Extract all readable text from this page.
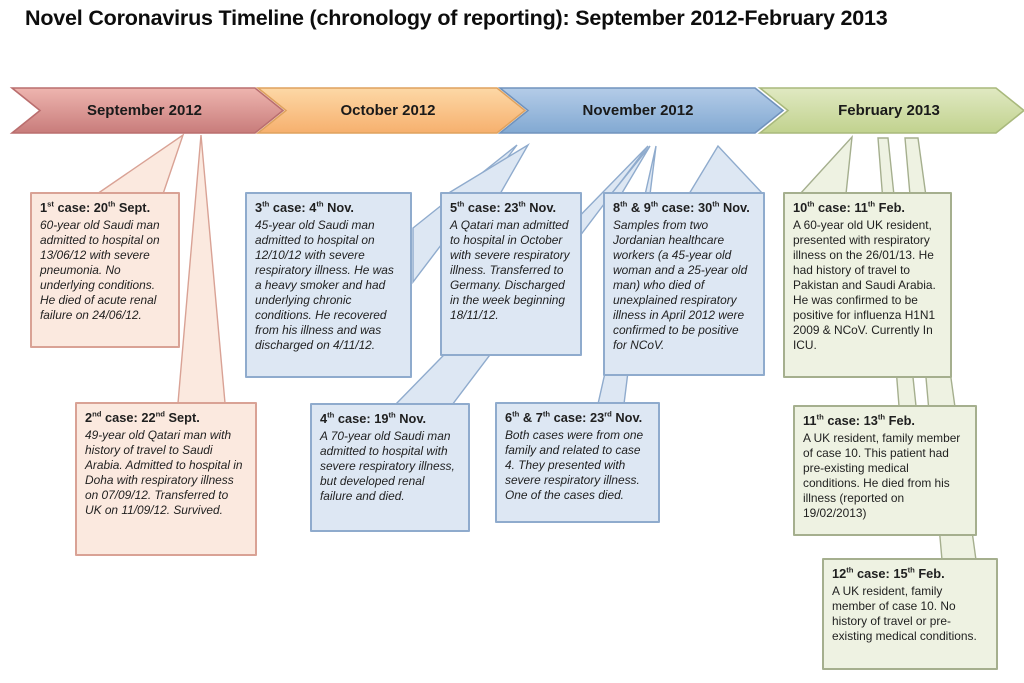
Novel Coronavirus Timeline (chronology of reporting): September 2012-February 2013
September 2012	October 2012	November 2012	February 2013
1st case: 20th Sept.
60-year old Saudi man admitted to hospital on 13/06/12 with severe pneumonia. No underlying conditions. He died of acute renal failure on 24/06/12.
2nd case: 22nd Sept.
49-year old Qatari man with history of travel to Saudi Arabia. Admitted to hospital in Doha with respiratory illness on 07/09/12. Transferred to UK on 11/09/12. Survived.
3th case: 4th Nov.
45-year old Saudi man admitted to hospital on 12/10/12 with severe respiratory illness. He was a heavy smoker and had underlying chronic conditions. He recovered from his illness and was discharged on 4/11/12.
4th case: 19th Nov.
A 70-year old Saudi man admitted to hospital with severe respiratory illness, but developed renal failure and died.
5th case: 23th Nov.
A Qatari man admitted to hospital in October with severe respiratory illness. Transferred to Germany. Discharged in the week beginning 18/11/12.
6th & 7th case: 23rd Nov.
Both cases were from one family and related to case 4. They presented with severe respiratory illness. One of the cases died.
8th & 9th case: 30th Nov.
Samples from two Jordanian healthcare workers (a 45-year old woman and a 25-year old man) who died of unexplained respiratory illness in April 2012 were confirmed to be positive for NCoV.
10th case: 11th Feb.
A 60-year old UK resident, presented with respiratory illness on the 26/01/13. He had history of travel to Pakistan and Saudi Arabia. He was confirmed to be positive for influenza H1N1 2009 & NCoV. Currently In ICU.
11th case: 13th Feb.
A UK resident, family member of case 10. This patient had pre-existing medical conditions. He died from his illness (reported on 19/02/2013)
12th case: 15th Feb.
A UK resident, family member of case 10. No history of travel or pre-existing medical conditions.
